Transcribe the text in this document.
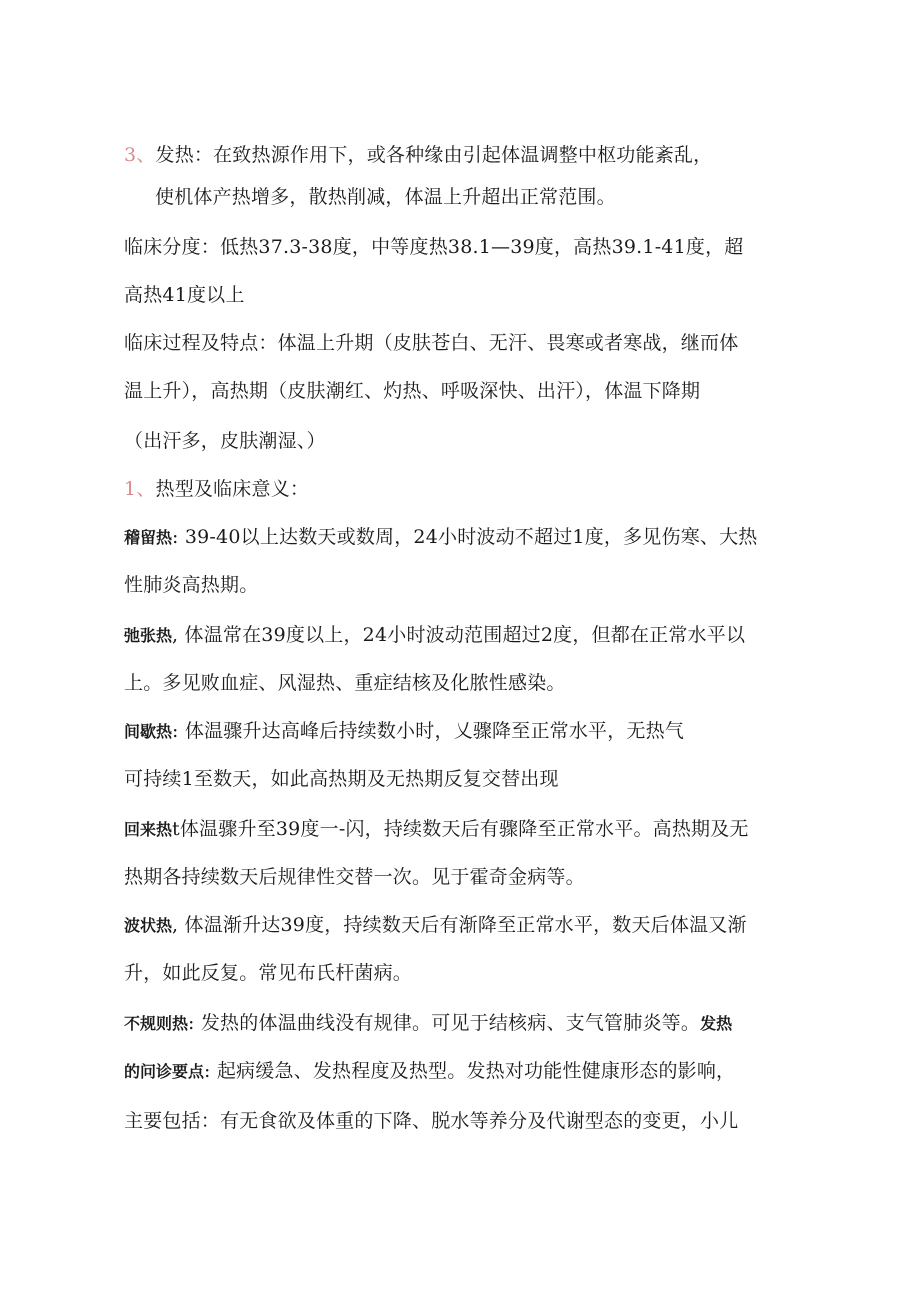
3、发热：在致热源作用下，或各种缘由引起体温调整中枢功能紊乱，
使机体产热增多，散热削减，体温上升超出正常范围。
临床分度：低热37.3-38度，中等度热38.1—39度，高热39.1-41度，超
高热41度以上
临床过程及特点：体温上升期（皮肤苍白、无汗、畏寒或者寒战，继而体
温上升），高热期（皮肤潮红、灼热、呼吸深快、出汗），体温下降期
（出汗多，皮肤潮湿、）
1、热型及临床意义：
稽留热: 39-40以上达数天或数周，24小时波动不超过1度，多见伤寒、大热
性肺炎高热期。
弛张热, 体温常在39度以上，24小时波动范围超过2度，但都在正常水平以
上。多见败血症、风湿热、重症结核及化脓性感染。
间歇热: 体温骤升达高峰后持续数小时，乂骤降至正常水平，无热气
可持续1至数天，如此高热期及无热期反复交替出现
回来热t体温骤升至39度一-闪，持续数天后有骤降至正常水平。高热期及无
热期各持续数天后规律性交替一次。见于霍奇金病等。
波状热, 体温渐升达39度，持续数天后有渐降至正常水平，数天后体温又渐
升，如此反复。常见布氏杆菌病。
不规则热: 发热的体温曲线没有规律。可见于结核病、支气管肺炎等。发热
的问诊要点: 起病缓急、发热程度及热型。发热对功能性健康形态的影响，
主要包括：有无食欲及体重的下降、脱水等养分及代谢型态的变更，小儿
